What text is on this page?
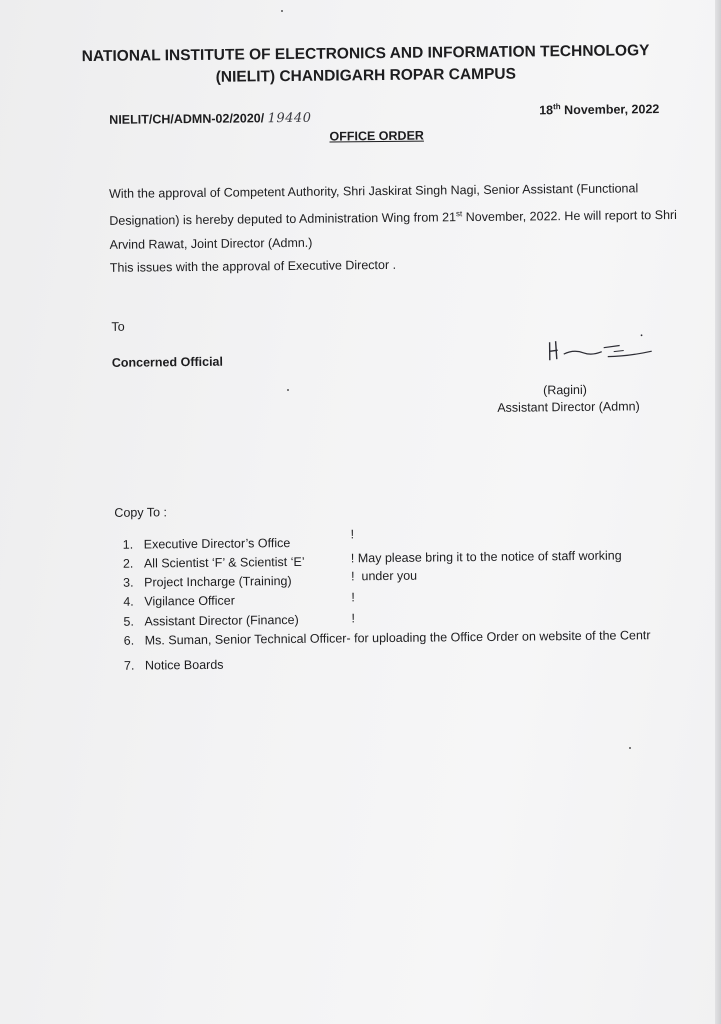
NATIONAL INSTITUTE OF ELECTRONICS AND INFORMATION TECHNOLOGY
(NIELIT) CHANDIGARH ROPAR CAMPUS
NIELIT/CH/ADMN-02/2020/ 19440
18th November, 2022
OFFICE ORDER
With the approval of Competent Authority, Shri Jaskirat Singh Nagi, Senior Assistant (Functional Designation) is hereby deputed to Administration Wing from 21st November, 2022. He will report to Shri Arvind Rawat, Joint Director (Admn.)
This issues with the approval of Executive Director .
To
Concerned Official
(Ragini)
Assistant Director (Admn)
Copy To :
1. Executive Director’s Office
2. All Scientist ‘F’ & Scientist ‘E’
3. Project Incharge (Training)
4. Vigilance Officer
5. Assistant Director (Finance)
6. Ms. Suman, Senior Technical Officer- for uploading the Office Order on website of the Centr
7. Notice Boards
!
! May please bring it to the notice of staff working
! under you
!
!
